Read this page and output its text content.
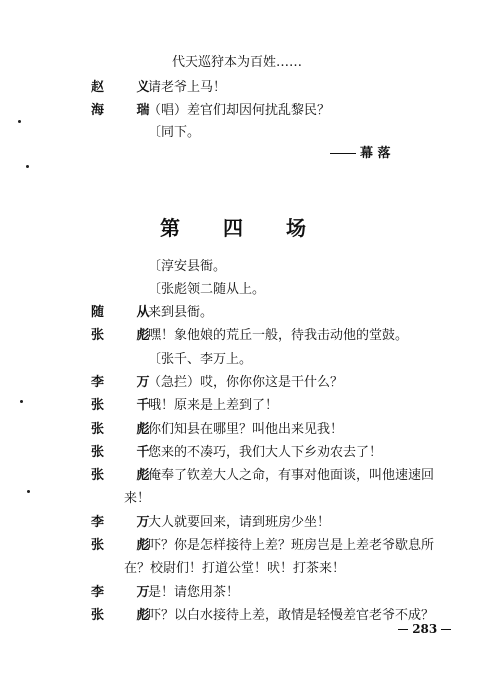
代天巡狩本为百姓……
赵 义
请老爷上马！
海 瑞
（唱）差官们却因何扰乱黎民？
〔同下。
幕 落
第 四 场
〔淳安县衙。
〔张彪领二随从上。
随 从
来到县衙。
张 彪
嘿！象他娘的荒丘一般，待我击动他的堂鼓。
〔张千、李万上。
李 万
（急拦）哎，你你你这是干什么？
张 千
哦！原来是上差到了！
张 彪
你们知县在哪里？叫他出来见我！
张 千
您来的不凑巧，我们大人下乡劝农去了！
张 彪
俺奉了钦差大人之命，有事对他面谈，叫他速速回
来！
李 万
大人就要回来，请到班房少坐！
张 彪
吓？你是怎样接待上差？班房岂是上差老爷歇息所
在？校尉们！打道公堂！吠！打茶来！
李 万
是！请您用茶！
张 彪
吓？以白水接待上差，敢情是轻慢差官老爷不成？
283
